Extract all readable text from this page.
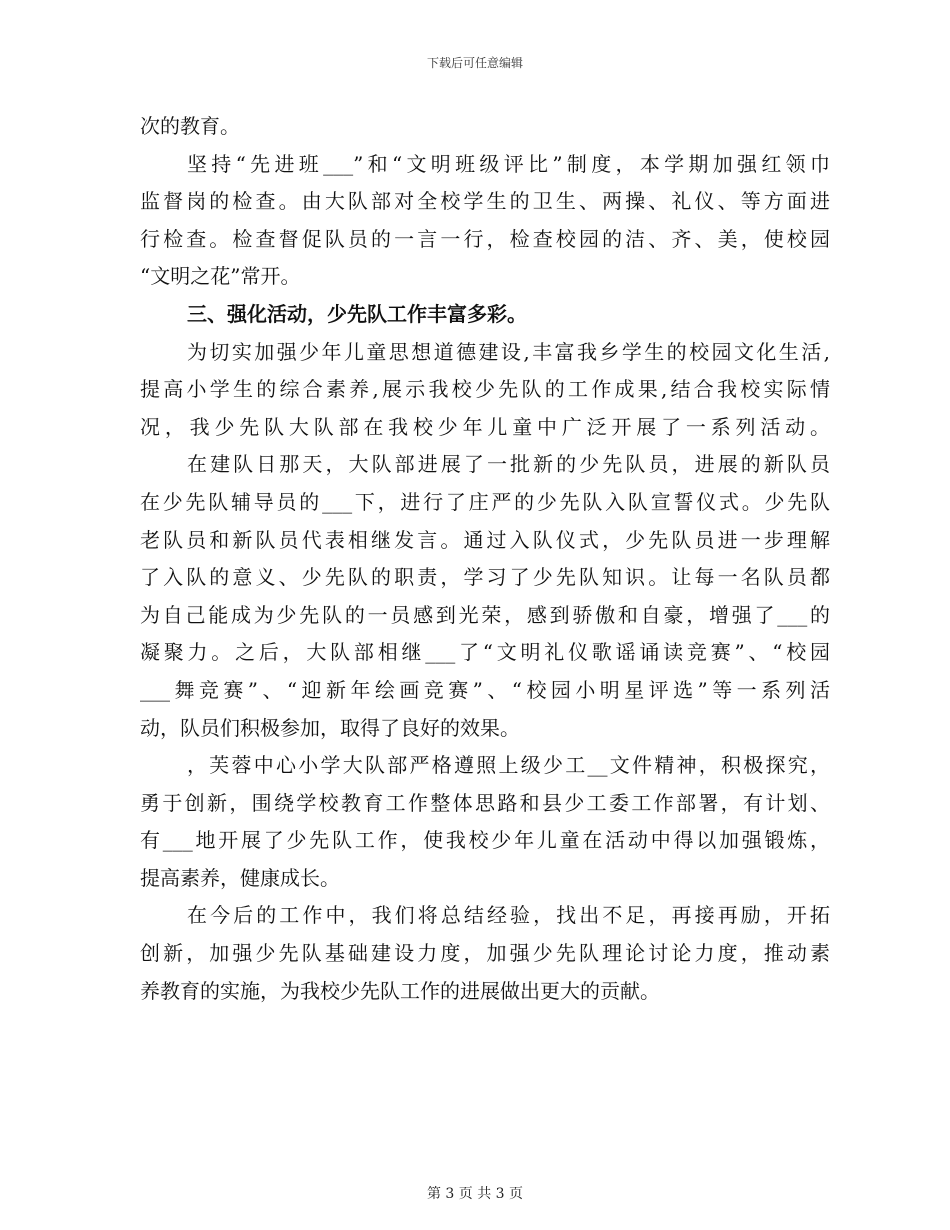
下载后可任意编辑
次的教育。
坚持“先进班___”和“文明班级评比”制度，本学期加强红领巾
监督岗的检查。由大队部对全校学生的卫生、两操、礼仪、等方面进
行检查。检查督促队员的一言一行，检查校园的洁、齐、美，使校园
“文明之花”常开。
三、强化活动，少先队工作丰富多彩。
为切实加强少年儿童思想道德建设,丰富我乡学生的校园文化生活,
提高小学生的综合素养,展示我校少先队的工作成果,结合我校实际情
况，我少先队大队部在我校少年儿童中广泛开展了一系列活动。
在建队日那天，大队部进展了一批新的少先队员，进展的新队员
在少先队辅导员的___下，进行了庄严的少先队入队宣誓仪式。少先队
老队员和新队员代表相继发言。通过入队仪式，少先队员进一步理解
了入队的意义、少先队的职责，学习了少先队知识。让每一名队员都
为自己能成为少先队的一员感到光荣，感到骄傲和自豪，增强了___的
凝聚力。之后，大队部相继___了“文明礼仪歌谣诵读竞赛”、“校园
___舞竞赛”、“迎新年绘画竞赛”、“校园小明星评选”等一系列活
动，队员们积极参加，取得了良好的效果。
，芙蓉中心小学大队部严格遵照上级少工__文件精神，积极探究，
勇于创新，围绕学校教育工作整体思路和县少工委工作部署，有计划、
有___地开展了少先队工作，使我校少年儿童在活动中得以加强锻炼，
提高素养，健康成长。
在今后的工作中，我们将总结经验，找出不足，再接再励，开拓
创新，加强少先队基础建设力度，加强少先队理论讨论力度，推动素
养教育的实施，为我校少先队工作的进展做出更大的贡献。
第 3 页 共 3 页
